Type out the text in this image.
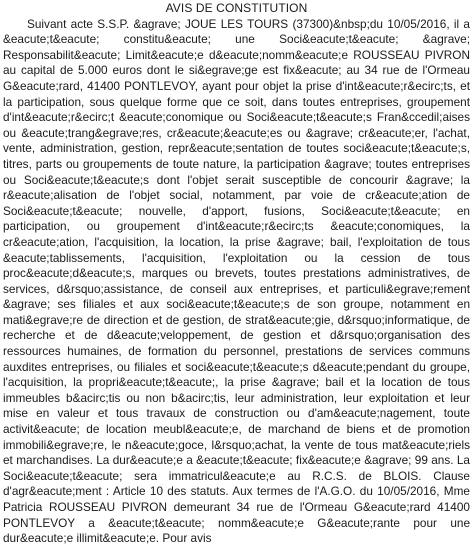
AVIS DE CONSTITUTION

Suivant acte S.S.P. &agrave; JOUE LES TOURS (37300)&nbsp;du 10/05/2016, il a &eacute;t&eacute; constitu&eacute; une Soci&eacute;t&eacute; &agrave; Responsabilit&eacute; Limit&eacute;e d&eacute;nomm&eacute;e ROUSSEAU PIVRON au capital de 5.000 euros dont le si&egrave;ge est fix&eacute; au 34 rue de l'Ormeau G&eacute;rard, 41400 PONTLEVOY, ayant pour objet la prise d'int&eacute;r&ecirc;ts, et la participation, sous quelque forme que ce soit, dans toutes entreprises, groupement d'int&eacute;r&ecirc;t &eacute;conomique ou Soci&eacute;t&eacute;s Fran&ccedil;aises ou &eacute;trang&egrave;res, cr&eacute;&eacute;es ou &agrave; cr&eacute;er, l'achat, vente, administration, gestion, repr&eacute;sentation de toutes soci&eacute;t&eacute;s, titres, parts ou groupements de toute nature, la participation &agrave; toutes entreprises ou Soci&eacute;t&eacute;s dont l'objet serait susceptible de concourir &agrave; la r&eacute;alisation de l'objet social, notamment, par voie de cr&eacute;ation de Soci&eacute;t&eacute; nouvelle, d'apport, fusions, Soci&eacute;t&eacute; en participation, ou groupement d'int&eacute;r&ecirc;ts &eacute;conomiques, la cr&eacute;ation, l'acquisition, la location, la prise &agrave; bail, l'exploitation de tous &eacute;tablissements, l'acquisition, l'exploitation ou la cession de tous proc&eacute;d&eacute;s, marques ou brevets, toutes prestations administratives, de services, d&rsquo;assistance, de conseil aux entreprises, et particuli&egrave;rement &agrave; ses filiales et aux soci&eacute;t&eacute;s de son groupe, notamment en mati&egrave;re de direction et de gestion, de strat&eacute;gie, d&rsquo;informatique, de recherche et de d&eacute;veloppement, de gestion et d&rsquo;organisation des ressources humaines, de formation du personnel, prestations de services communs auxdites entreprises, ou filiales et soci&eacute;t&eacute;s d&eacute;pendant du groupe, l'acquisition, la propri&eacute;t&eacute;, la prise &agrave; bail et la location de tous immeubles b&acirc;tis ou non b&acirc;tis, leur administration, leur exploitation et leur mise en valeur et tous travaux de construction ou d'am&eacute;nagement, toute activit&eacute; de location meubl&eacute;e, de marchand de biens et de promotion immobili&egrave;re, le n&eacute;goce, l&rsquo;achat, la vente de tous mat&eacute;riels et marchandises. La dur&eacute;e a &eacute;t&eacute; fix&eacute;e &agrave; 99 ans. La Soci&eacute;t&eacute; sera immatricul&eacute;e au R.C.S. de BLOIS. Clause d'agr&eacute;ment : Article 10 des statuts. Aux termes de l'A.G.O. du 10/05/2016, Mme Patricia ROUSSEAU PIVRON demeurant 34 rue de l'Ormeau G&eacute;rard 41400 PONTLEVOY a &eacute;t&eacute; nomm&eacute;e G&eacute;rante pour une dur&eacute;e illimit&eacute;e. Pour avis
